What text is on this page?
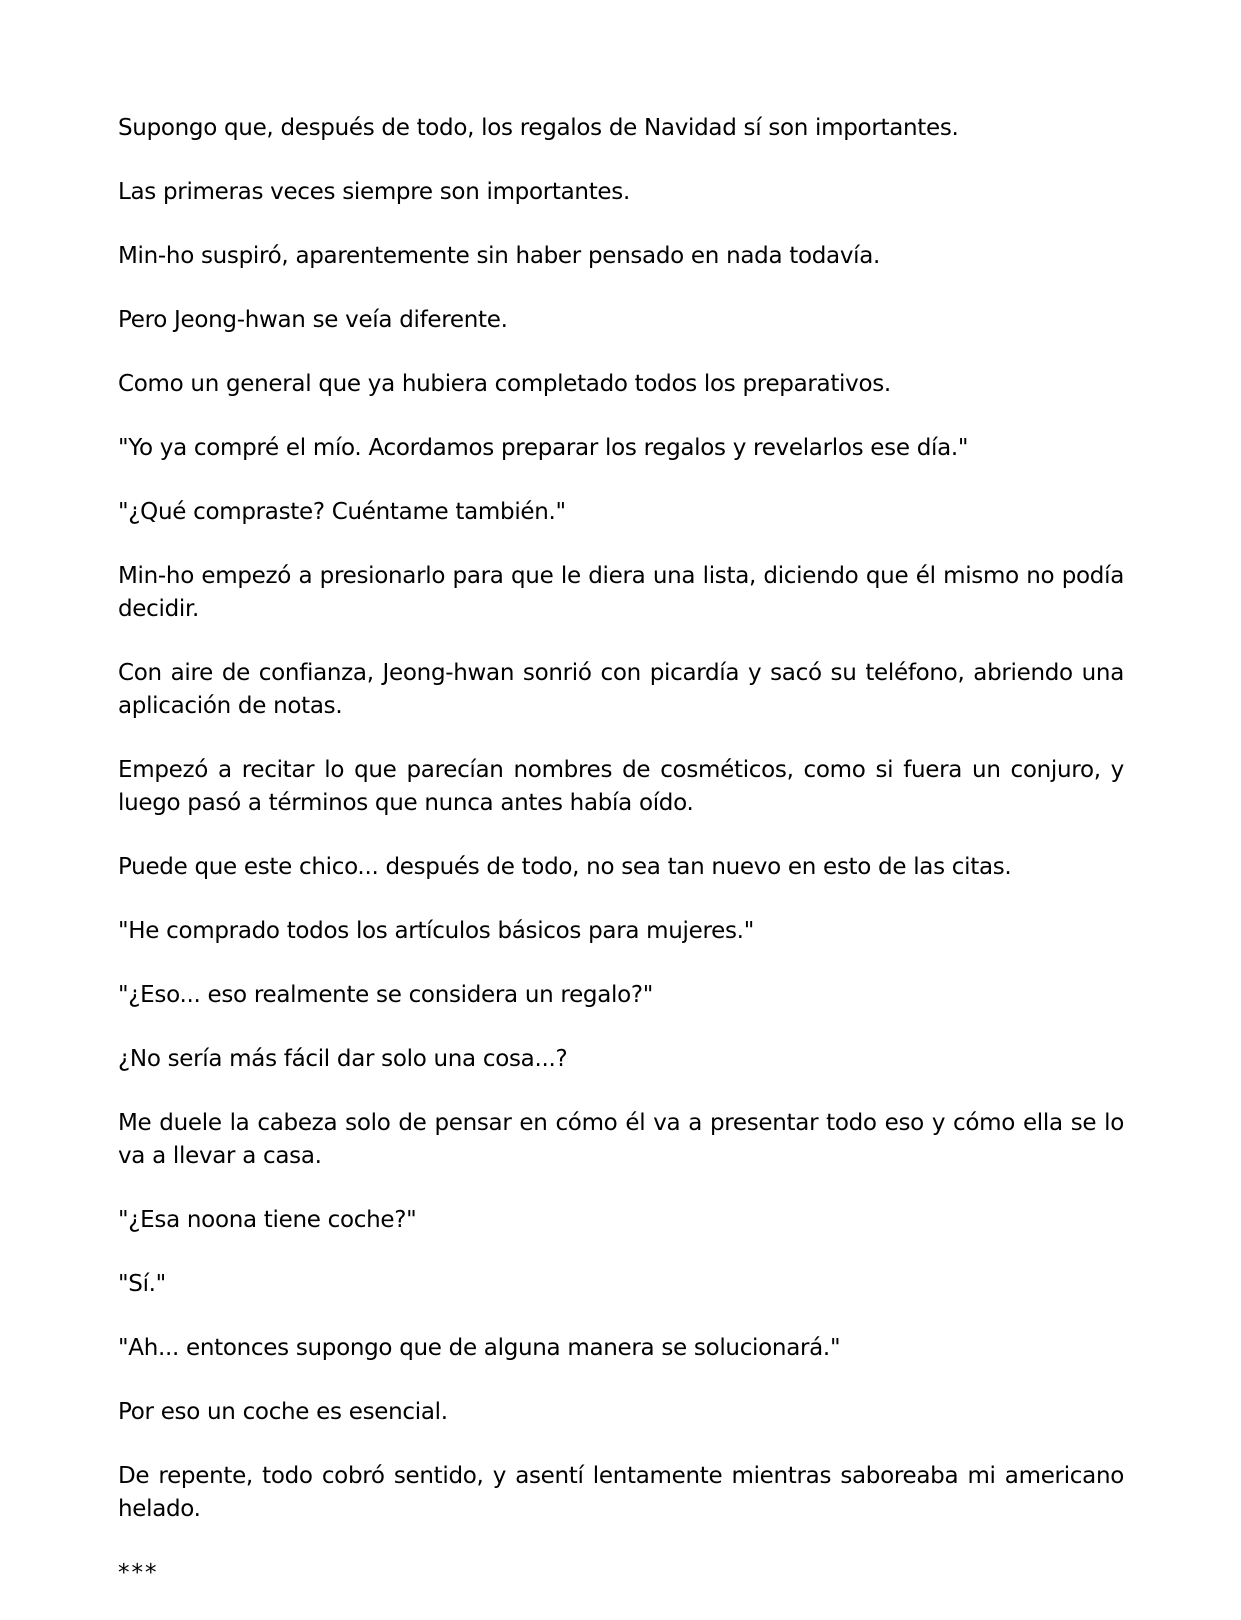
Supongo que, después de todo, los regalos de Navidad sí son importantes.

Las primeras veces siempre son importantes.

Min-ho suspiró, aparentemente sin haber pensado en nada todavía.

Pero Jeong-hwan se veía diferente.

Como un general que ya hubiera completado todos los preparativos.

"Yo ya compré el mío. Acordamos preparar los regalos y revelarlos ese día."

"¿Qué compraste? Cuéntame también."

Min-ho empezó a presionarlo para que le diera una lista, diciendo que él mismo no podía decidir.

Con aire de confianza, Jeong-hwan sonrió con picardía y sacó su teléfono, abriendo una aplicación de notas.

Empezó a recitar lo que parecían nombres de cosméticos, como si fuera un conjuro, y luego pasó a términos que nunca antes había oído.

Puede que este chico... después de todo, no sea tan nuevo en esto de las citas.

"He comprado todos los artículos básicos para mujeres."

"¿Eso... eso realmente se considera un regalo?"

¿No sería más fácil dar solo una cosa...?

Me duele la cabeza solo de pensar en cómo él va a presentar todo eso y cómo ella se lo va a llevar a casa.

"¿Esa noona tiene coche?"

"Sí."

"Ah... entonces supongo que de alguna manera se solucionará."

Por eso un coche es esencial.

De repente, todo cobró sentido, y asentí lentamente mientras saboreaba mi americano helado.

***
